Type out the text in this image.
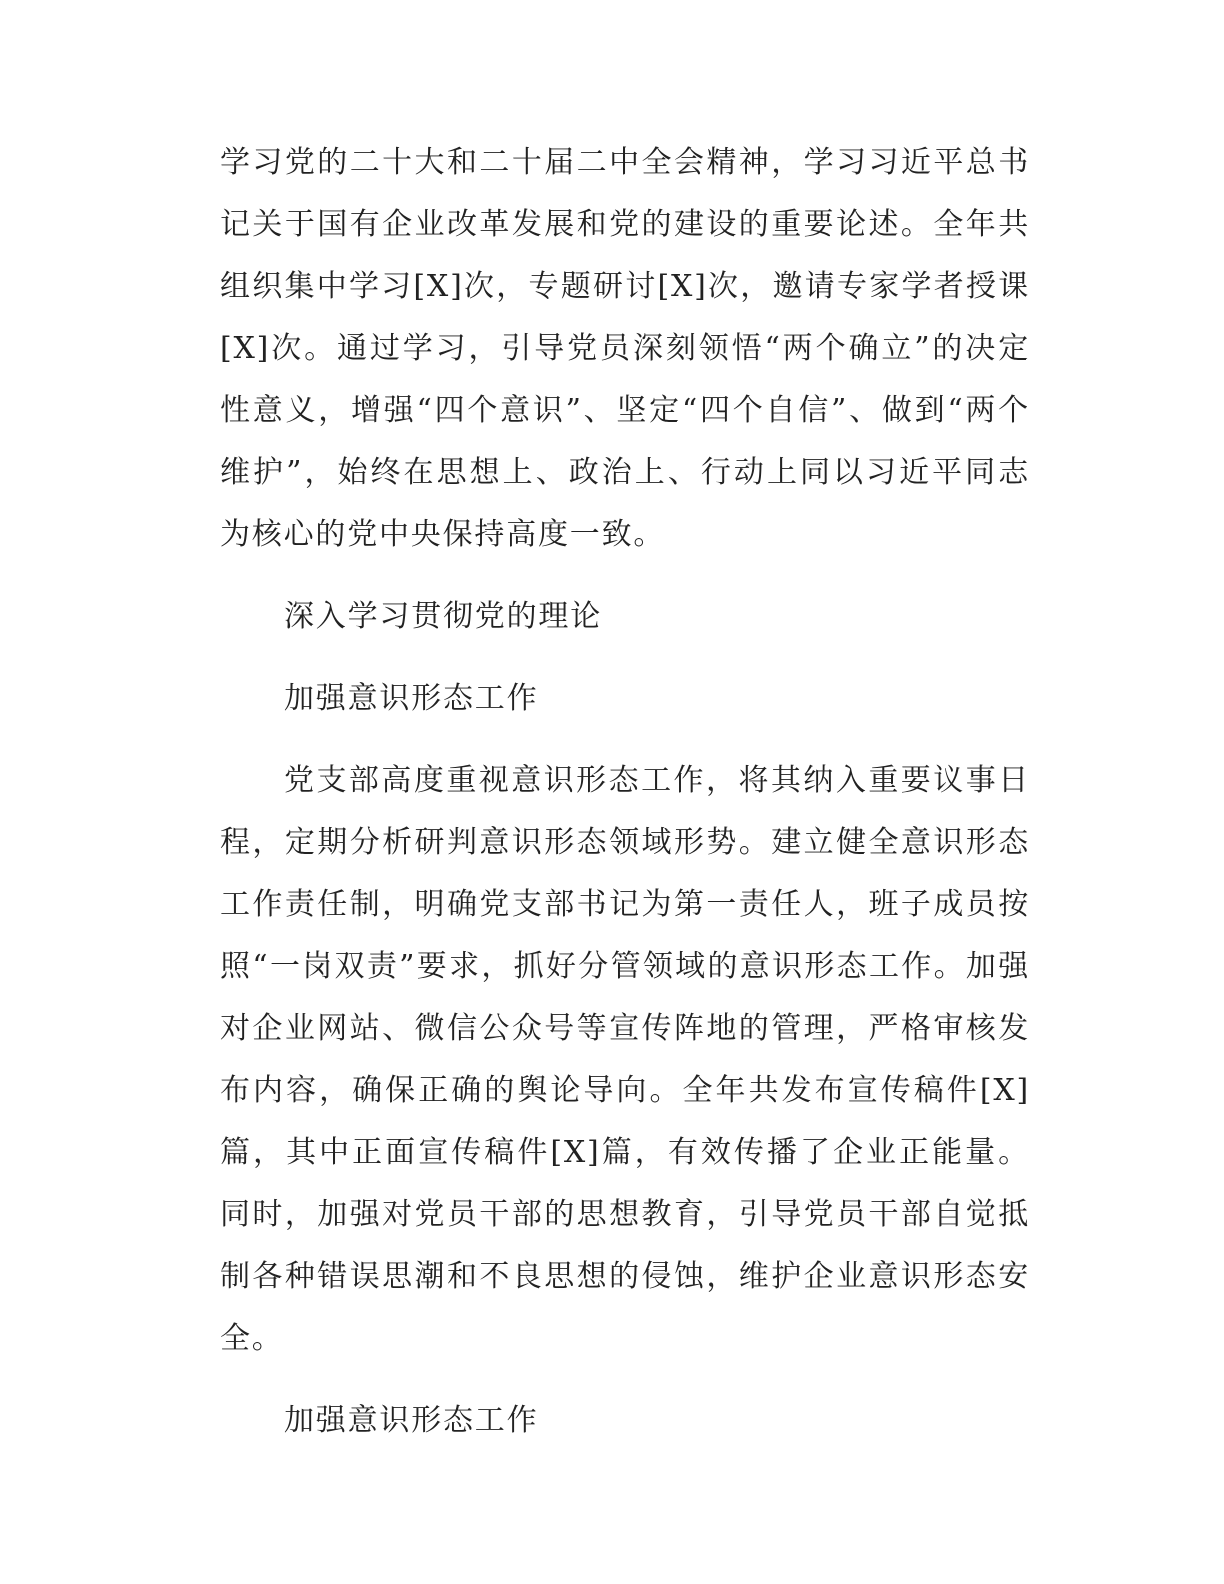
学习党的二十大和二十届二中全会精神，学习习近平总书记关于国有企业改革发展和党的建设的重要论述。全年共组织集中学习[X]次，专题研讨[X]次，邀请专家学者授课[X]次。通过学习，引导党员深刻领悟“两个确立”的决定性意义，增强“四个意识”、坚定“四个自信”、做到“两个维护”，始终在思想上、政治上、行动上同以习近平同志为核心的党中央保持高度一致。

深入学习贯彻党的理论

加强意识形态工作

党支部高度重视意识形态工作，将其纳入重要议事日程，定期分析研判意识形态领域形势。建立健全意识形态工作责任制，明确党支部书记为第一责任人，班子成员按照“一岗双责”要求，抓好分管领域的意识形态工作。加强对企业网站、微信公众号等宣传阵地的管理，严格审核发布内容，确保正确的舆论导向。全年共发布宣传稿件[X]篇，其中正面宣传稿件[X]篇，有效传播了企业正能量。同时，加强对党员干部的思想教育，引导党员干部自觉抵制各种错误思潮和不良思想的侵蚀，维护企业意识形态安全。

加强意识形态工作
